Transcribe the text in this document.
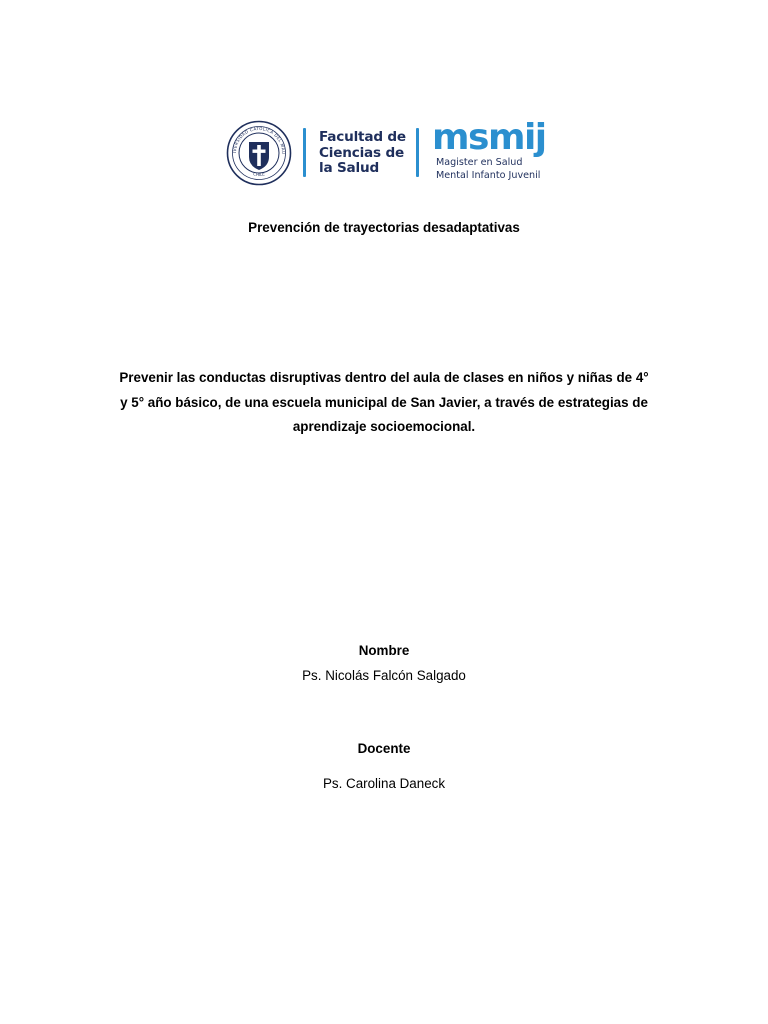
IVERSIDAD CATOLICA DEL MAU
CHILE
Facultad de
Ciencias de
la Salud
msmij
Magister en Salud
Mental Infanto Juvenil
Prevención de trayectorias desadaptativas
Prevenir las conductas disruptivas dentro del aula de clases en niños y niñas de 4°
y 5° año básico, de una escuela municipal de San Javier, a través de estrategias de
aprendizaje socioemocional.
Nombre
Ps. Nicolás Falcón Salgado
Docente
Ps. Carolina Daneck
